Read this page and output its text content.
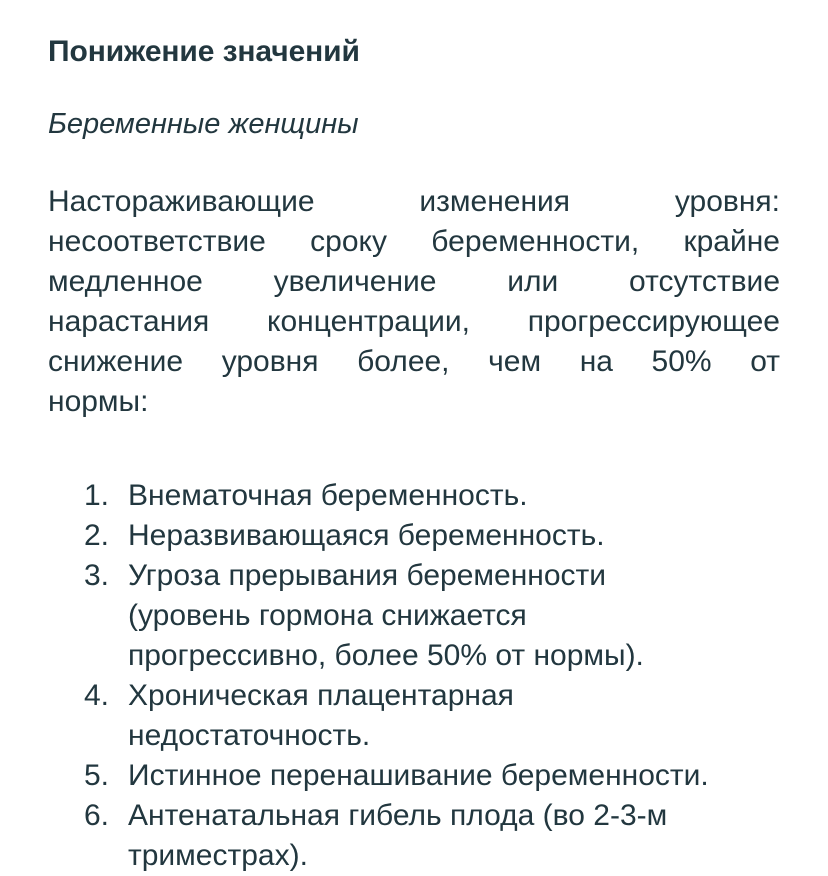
Понижение значений
Беременные женщины

Настораживающие изменения уровня:
несоответствие сроку беременности, крайне
медленное увеличение или отсутствие
нарастания концентрации, прогрессирующее
снижение уровня более, чем на 50% от
нормы:

1. Внематочная беременность.
2. Неразвивающаяся беременность.
3. Угроза прерывания беременности
(уровень гормона снижается
прогрессивно, более 50% от нормы).
4. Хроническая плацентарная
недостаточность.
5. Истинное перенашивание беременности.
6. Антенатальная гибель плода (во 2-3-м
триместрах).
